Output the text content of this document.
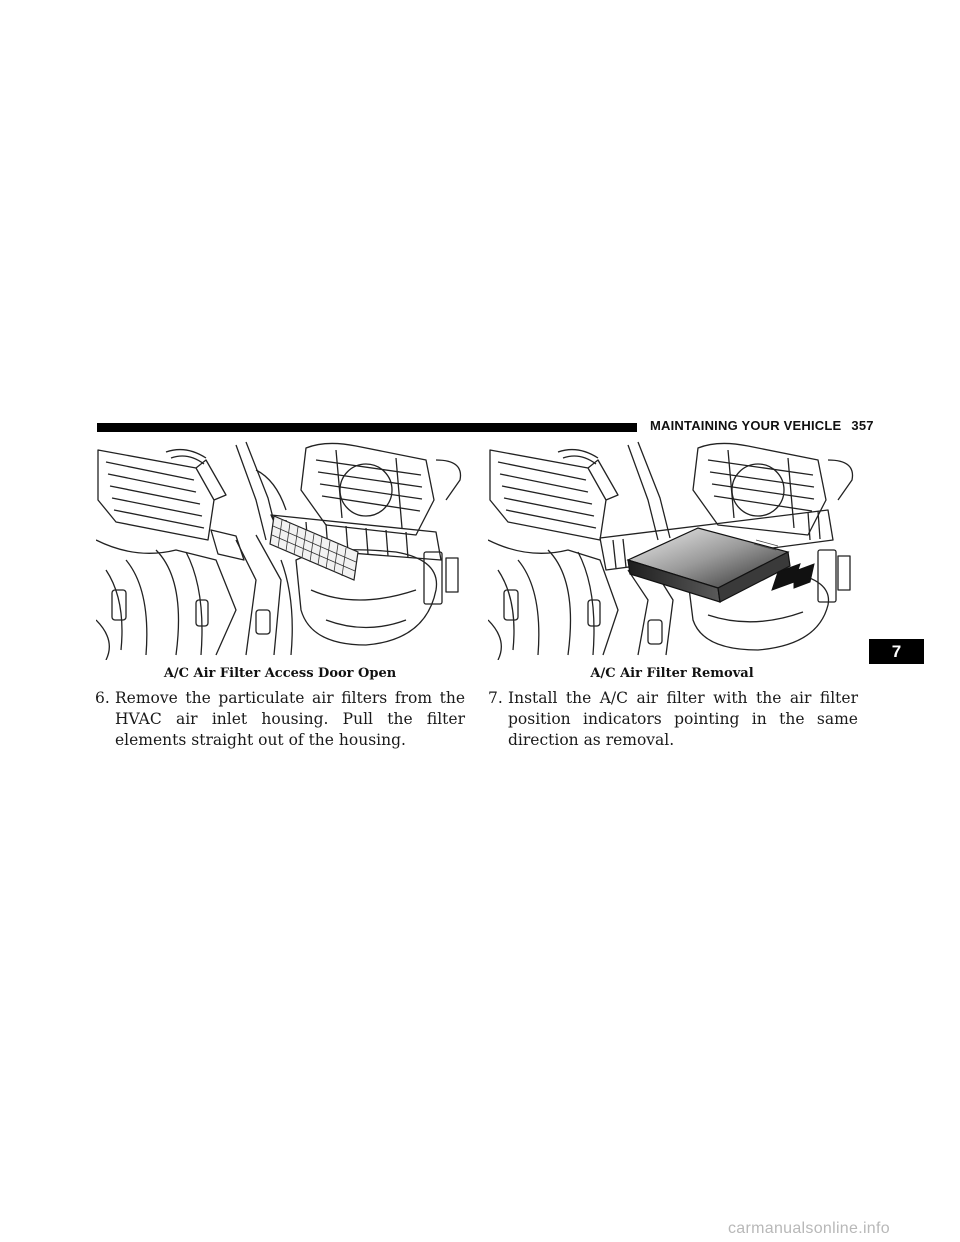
MAINTAINING YOUR VEHICLE 357
A/C Air Filter Access Door Open	A/C Air Filter Removal
6. Remove the particulate air filters from the HVAC air inlet housing. Pull the filter elements straight out of the housing.
7. Install the A/C air filter with the air filter position indicators pointing in the same direction as removal.
7
carmanualsonline.info
